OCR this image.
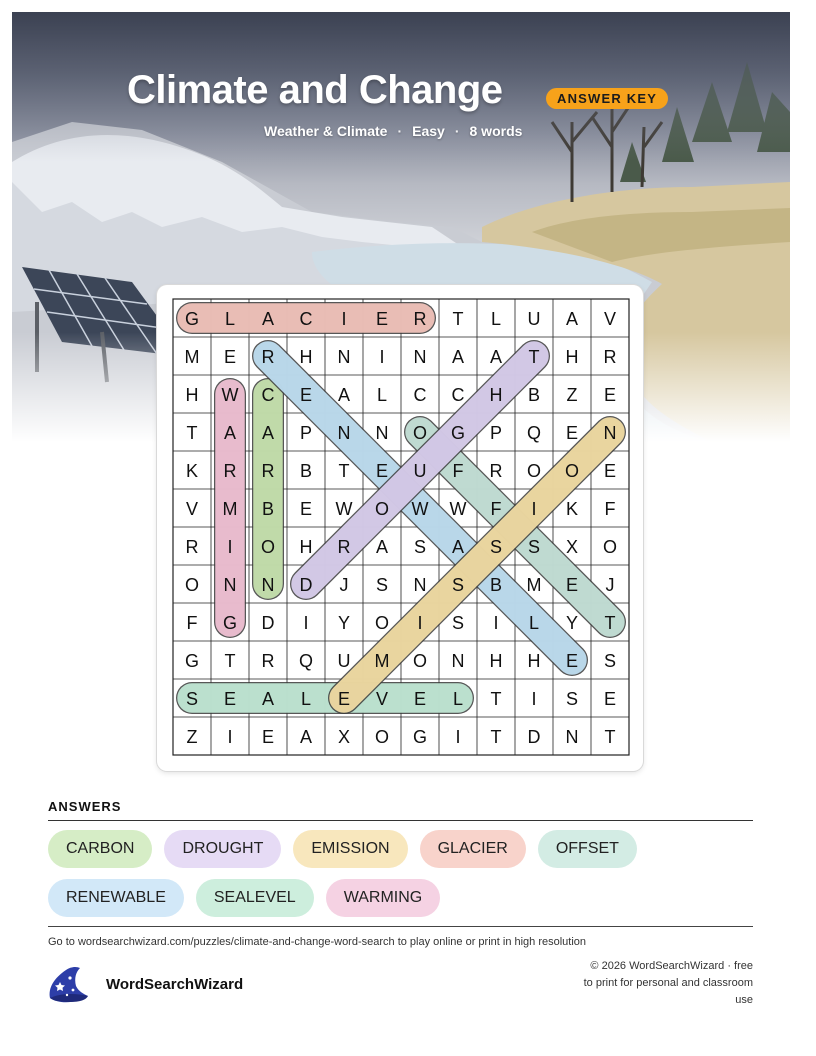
Climate and Change	ANSWER KEY
Weather & Climate · Easy · 8 words
G L A C I E R T L U A V
M E R H N I N A A T H R
H W C E A L C C H B Z E
T A A P N N O G P Q E N
K R R B T E U F R O O E
V M B E W O W W F I K F
R I O H R A S A S S X O
O N N D J S N S B M E J
F G D I Y O I S I L Y T
G T R Q U M O N H H E S
S E A L E V E L T I S E
Z I E A X O G I T D N T
ANSWERS
CARBON	DROUGHT	EMISSION	GLACIER	OFFSET
RENEWABLE	SEALEVEL	WARMING
Go to wordsearchwizard.com/puzzles/climate-and-change-word-search to play online or print in high resolution
WordSearchWizard
© 2026 WordSearchWizard · free to print for personal and classroom use
